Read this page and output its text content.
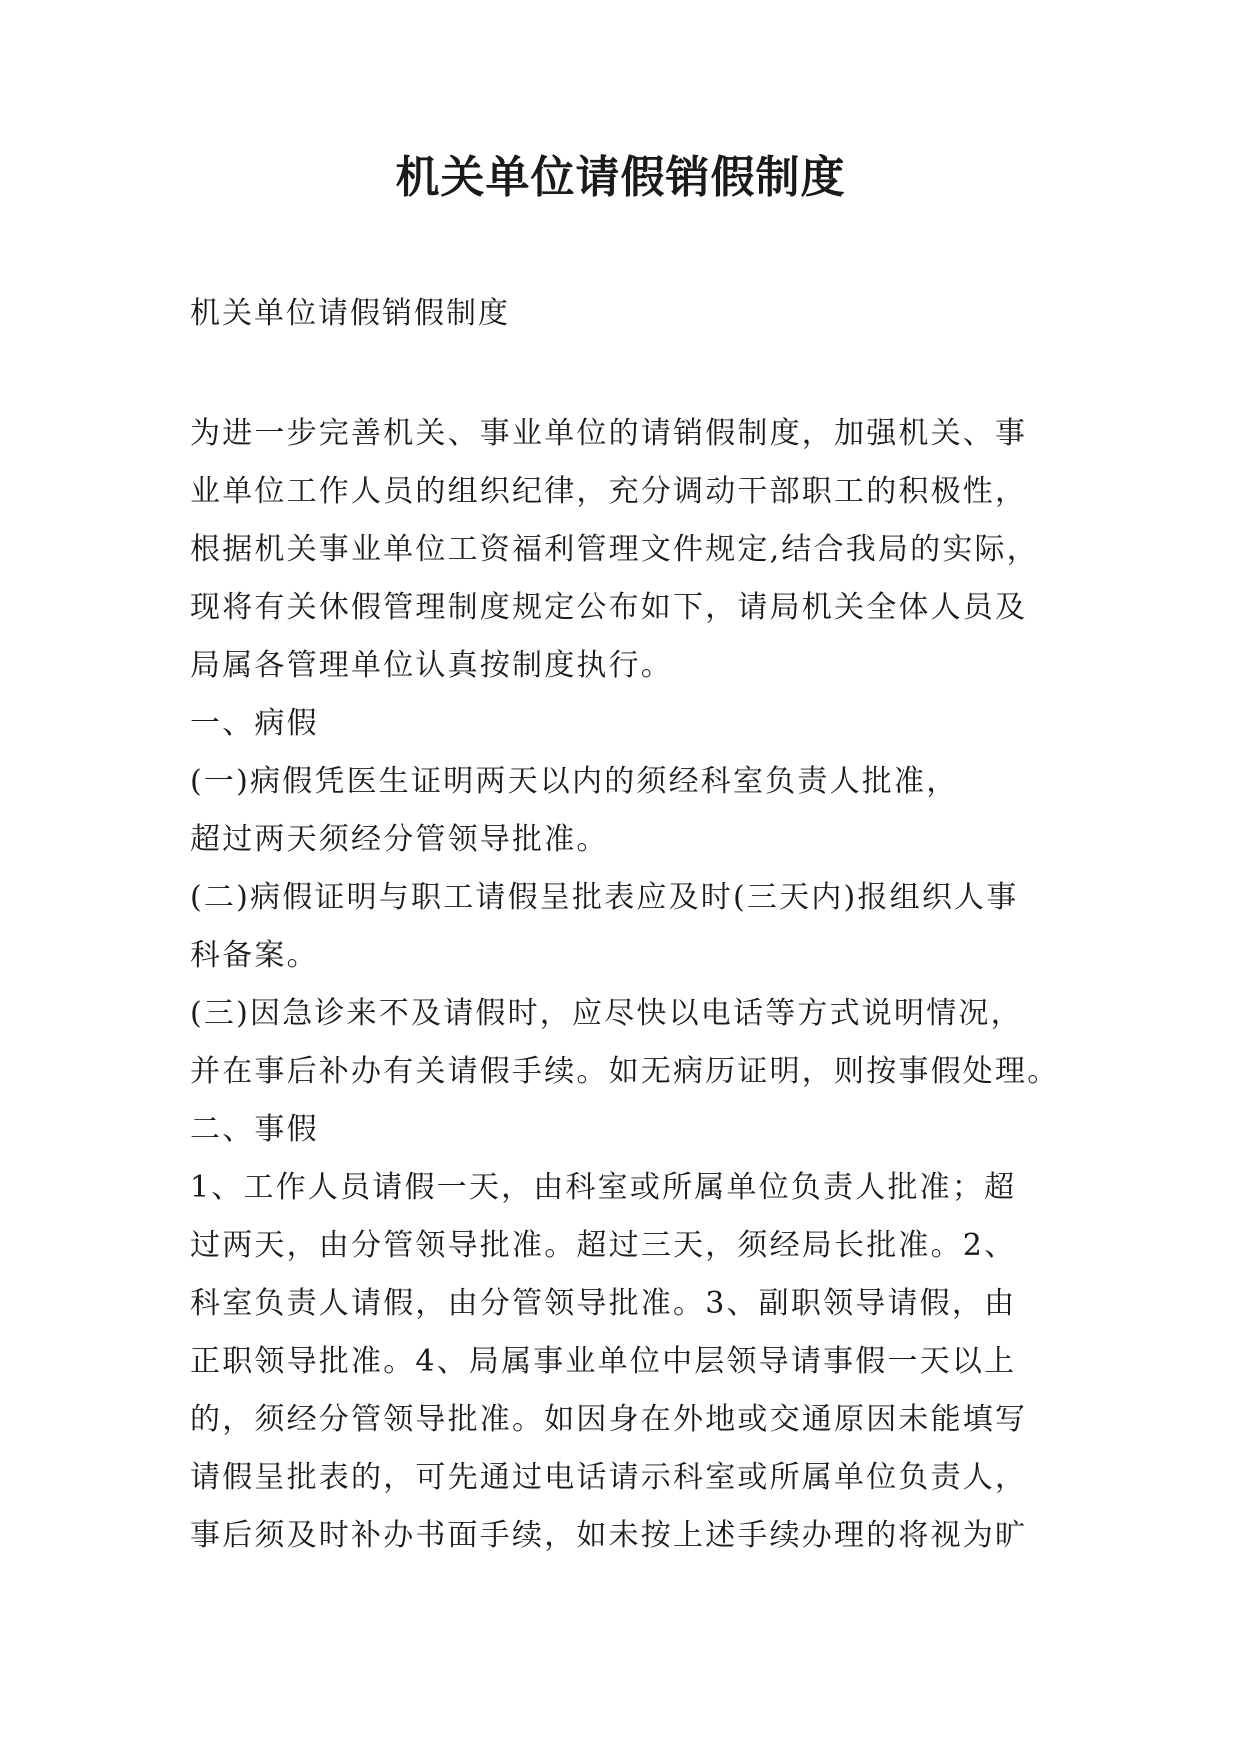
机关单位请假销假制度

机关单位请假销假制度

为进一步完善机关、事业单位的请销假制度，加强机关、事
业单位工作人员的组织纪律，充分调动干部职工的积极性，
根据机关事业单位工资福利管理文件规定,结合我局的实际，
现将有关休假管理制度规定公布如下，请局机关全体人员及
局属各管理单位认真按制度执行。
一、病假
(一)病假凭医生证明两天以内的须经科室负责人批准，
超过两天须经分管领导批准。
(二)病假证明与职工请假呈批表应及时(三天内)报组织人事
科备案。
(三)因急诊来不及请假时，应尽快以电话等方式说明情况，
并在事后补办有关请假手续。如无病历证明，则按事假处理。
二、事假
1、工作人员请假一天，由科室或所属单位负责人批准；超
过两天，由分管领导批准。超过三天，须经局长批准。2、
科室负责人请假，由分管领导批准。3、副职领导请假，由
正职领导批准。4、局属事业单位中层领导请事假一天以上
的，须经分管领导批准。如因身在外地或交通原因未能填写
请假呈批表的，可先通过电话请示科室或所属单位负责人，
事后须及时补办书面手续，如未按上述手续办理的将视为旷
